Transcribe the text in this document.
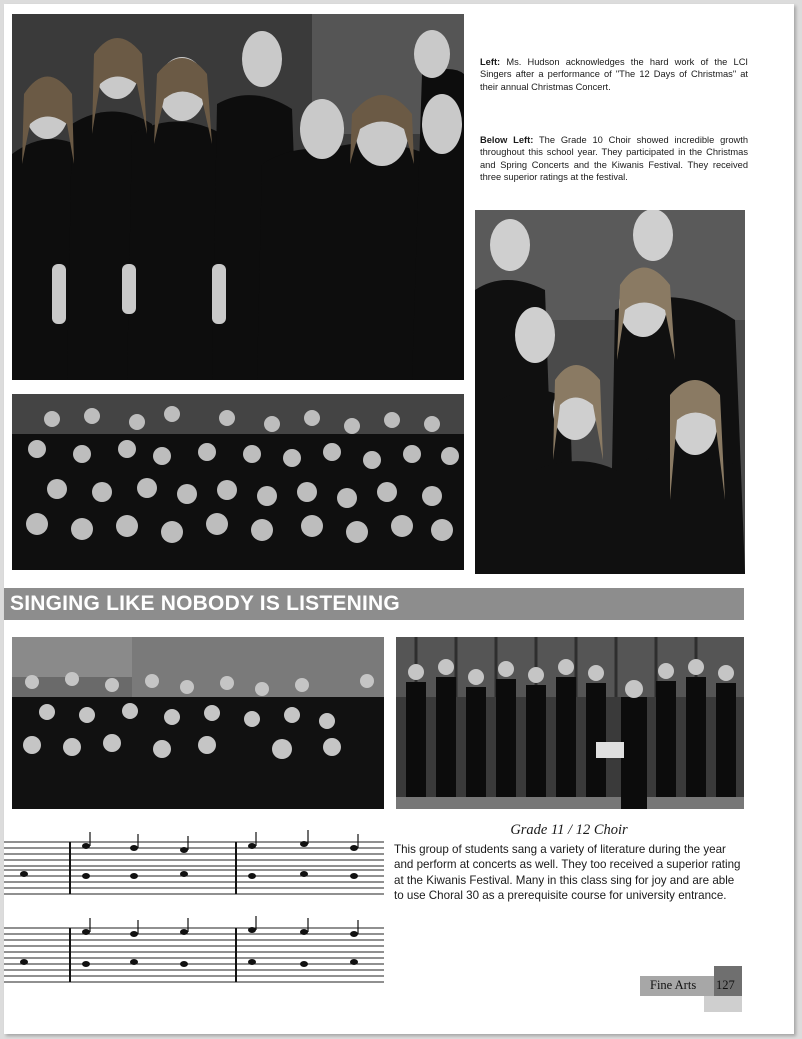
Left: Ms. Hudson acknowledges the hard work of the LCI Singers after a performance of "The 12 Days of Christmas" at their annual Christmas Concert.
Below Left: The Grade 10 Choir showed incredible growth throughout this school year. They participated in the Christmas and Spring Concerts and the Kiwanis Festival. They received three superior ratings at the festival.
SINGING LIKE NOBODY IS LISTENING
Grade 11 / 12 Choir
This group of students sang a variety of literature during the year and perform at concerts as well. They too received a superior rating at the Kiwanis Festival. Many in this class sing for joy and are able to use Choral 30 as a prerequisite course for university entrance.
Fine Arts 127
